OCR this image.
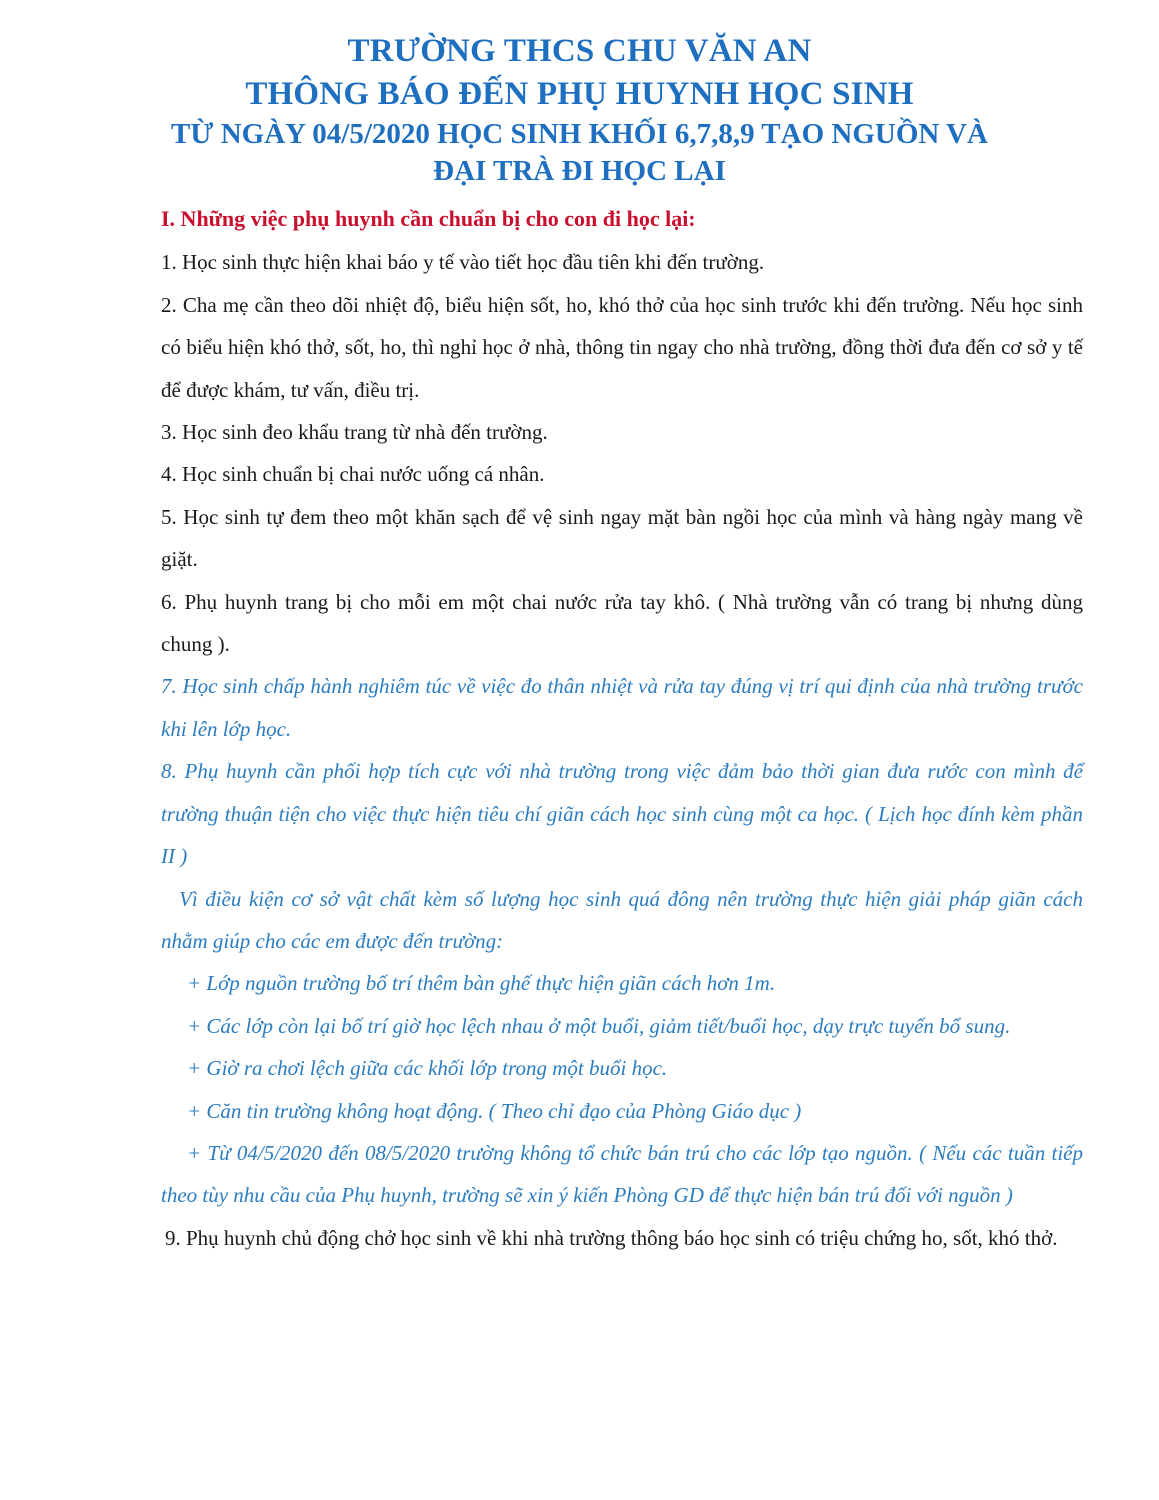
TRƯỜNG THCS CHU VĂN AN
THÔNG BÁO ĐẾN PHỤ HUYNH HỌC SINH
TỪ NGÀY 04/5/2020 HỌC SINH KHỐI 6,7,8,9 TẠO NGUỒN VÀ
ĐẠI TRÀ ĐI HỌC LẠI
I. Những việc phụ huynh cần chuẩn bị cho con đi học lại:

1. Học sinh thực hiện khai báo y tế vào tiết học đầu tiên khi đến trường.

2. Cha mẹ cần theo dõi nhiệt độ, biểu hiện sốt, ho, khó thở của học sinh trước khi đến trường. Nếu học sinh có biểu hiện khó thở, sốt, ho, thì nghỉ học ở nhà, thông tin ngay cho nhà trường, đồng thời đưa đến cơ sở y tế để được khám, tư vấn, điều trị.

3. Học sinh đeo khẩu trang từ nhà đến trường.

4. Học sinh chuẩn bị chai nước uống cá nhân.

5. Học sinh tự đem theo một khăn sạch để vệ sinh ngay mặt bàn ngồi học của mình và hàng ngày mang về giặt.

6. Phụ huynh trang bị cho mỗi em một chai nước rửa tay khô. ( Nhà trường vẫn có trang bị nhưng dùng chung ).

7. Học sinh chấp hành nghiêm túc về việc đo thân nhiệt và rửa tay đúng vị trí qui định của nhà trường trước khi lên lớp học.

8. Phụ huynh cần phối hợp tích cực với nhà trường trong việc đảm bảo thời gian đưa rước con mình để trường thuận tiện cho việc thực hiện tiêu chí giãn cách học sinh cùng một ca học. ( Lịch học đính kèm phần II )

Vì điều kiện cơ sở vật chất kèm số lượng học sinh quá đông nên trường thực hiện giải pháp giãn cách nhằm giúp cho các em được đến trường:

+ Lớp nguồn trường bố trí thêm bàn ghế thực hiện giãn cách hơn 1m.

+ Các lớp còn lại bố trí giờ học lệch nhau ở một buổi, giảm tiết/buổi học, dạy trực tuyến bổ sung.

+ Giờ ra chơi lệch giữa các khối lớp trong một buổi học.

+ Căn tin trường không hoạt động. ( Theo chỉ đạo của Phòng Giáo dục )

+ Từ 04/5/2020 đến 08/5/2020 trường không tổ chức bán trú cho các lớp tạo nguồn. ( Nếu các tuần tiếp theo tùy nhu cầu của Phụ huynh, trường sẽ xin ý kiến Phòng GD để thực hiện bán trú đối với nguồn )

9. Phụ huynh chủ động chở học sinh về khi nhà trường thông báo học sinh có triệu chứng ho, sốt, khó thở.
